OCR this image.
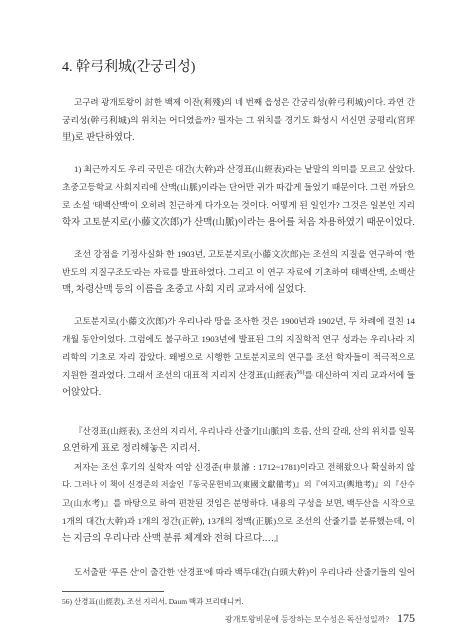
4. 幹弓利城(간궁리성)
고구려 광개토왕이 討한 백제 이잔(利殘)의 네 번째 읍성은 간궁리성(幹弓利城)이다. 과연 간
궁리성(幹弓利城)의 위치는 어디였을까? 필자는 그 위치를 경기도 화성시 서신면 궁평리(宮坪
里)로 판단하였다.
1) 최근까지도 우리 국민은 대간(大幹)과 산경표(山經表)라는 낱말의 의미를 모르고 살았다.
초중고등학교 사회지리에 산맥(山脈)이라는 단어만 귀가 따갑게 들었기 때문이다. 그런 까닭으
로 소설 '태백산맥'이 오히려 친근하게 다가오는 것이다. 어떻게 된 일인가? 그것은 일본인 지리
학자 고토분지로(小藤文次郎)가 산맥(山脈)이라는 용어를 처음 차용하였기 때문이었다.
조선 강점을 기정사실화 한 1903년, 고토분지로(小藤文次郎)는 조선의 지질을 연구하여 '한
반도의 지질구조도'라는 자료를 발표하였다. 그리고 이 연구 자료에 기초하여 태백산맥, 소백산
맥, 차령산맥 등의 이름을 초중고 사회 지리 교과서에 실었다.
고토분지로(小藤文次郎)가 우리나라 땅을 조사한 것은 1900년과 1902년, 두 차례에 걸친 14
개월 동안이었다. 그럼에도 불구하고 1903년에 발표된 그의 지질학적 연구 성과는 우리나라 지
리학의 기초로 자리 잡았다. 왜병으로 시행한 고토분지로의 연구를 조선 학자들이 적극적으로
지원한 결과였다. 그래서 조선의 대표적 지리지 산경표(山經表)$^{56)}$를 대신하여 지리 교과서에 들
어앉았다.
『산경표(山經表), 조선의 지리서, 우리나라 산줄기[山脈]의 흐름, 산의 갈래, 산의 위치를 일목
요연하게 표로 정리해놓은 지리서.
저자는 조선 후기의 실학자 여암 신경준(申景濬 : 1712~1781)이라고 전해왔으나 확실하지 않
다. 그러나 이 책이 신경준의 저술인『동국문헌비고(東國文獻備考)』의『여지고(輿地考)』의『산수
고(山水考)』를 바탕으로 하여 편찬된 것임은 분명하다. 내용의 구성을 보면, 백두산을 시작으로
1개의 대간(大幹)과 1개의 정간(正幹), 13개의 정맥(正脈)으로 조선의 산줄기를 분류했는데, 이
는 지금의 우리나라 산맥 분류 체계와 전혀 다르다.…』
도서출판 '푸른 산'이 출간한 '산경표'에 따라 백두대간(白頭大幹)이 우리나라 산줄기들의 일어
56) 산경표(山經表), 조선 지리서, Daum 백과 브리태니커.
광개토왕비문에 등장하는 모수성은 독산성일까? 175
